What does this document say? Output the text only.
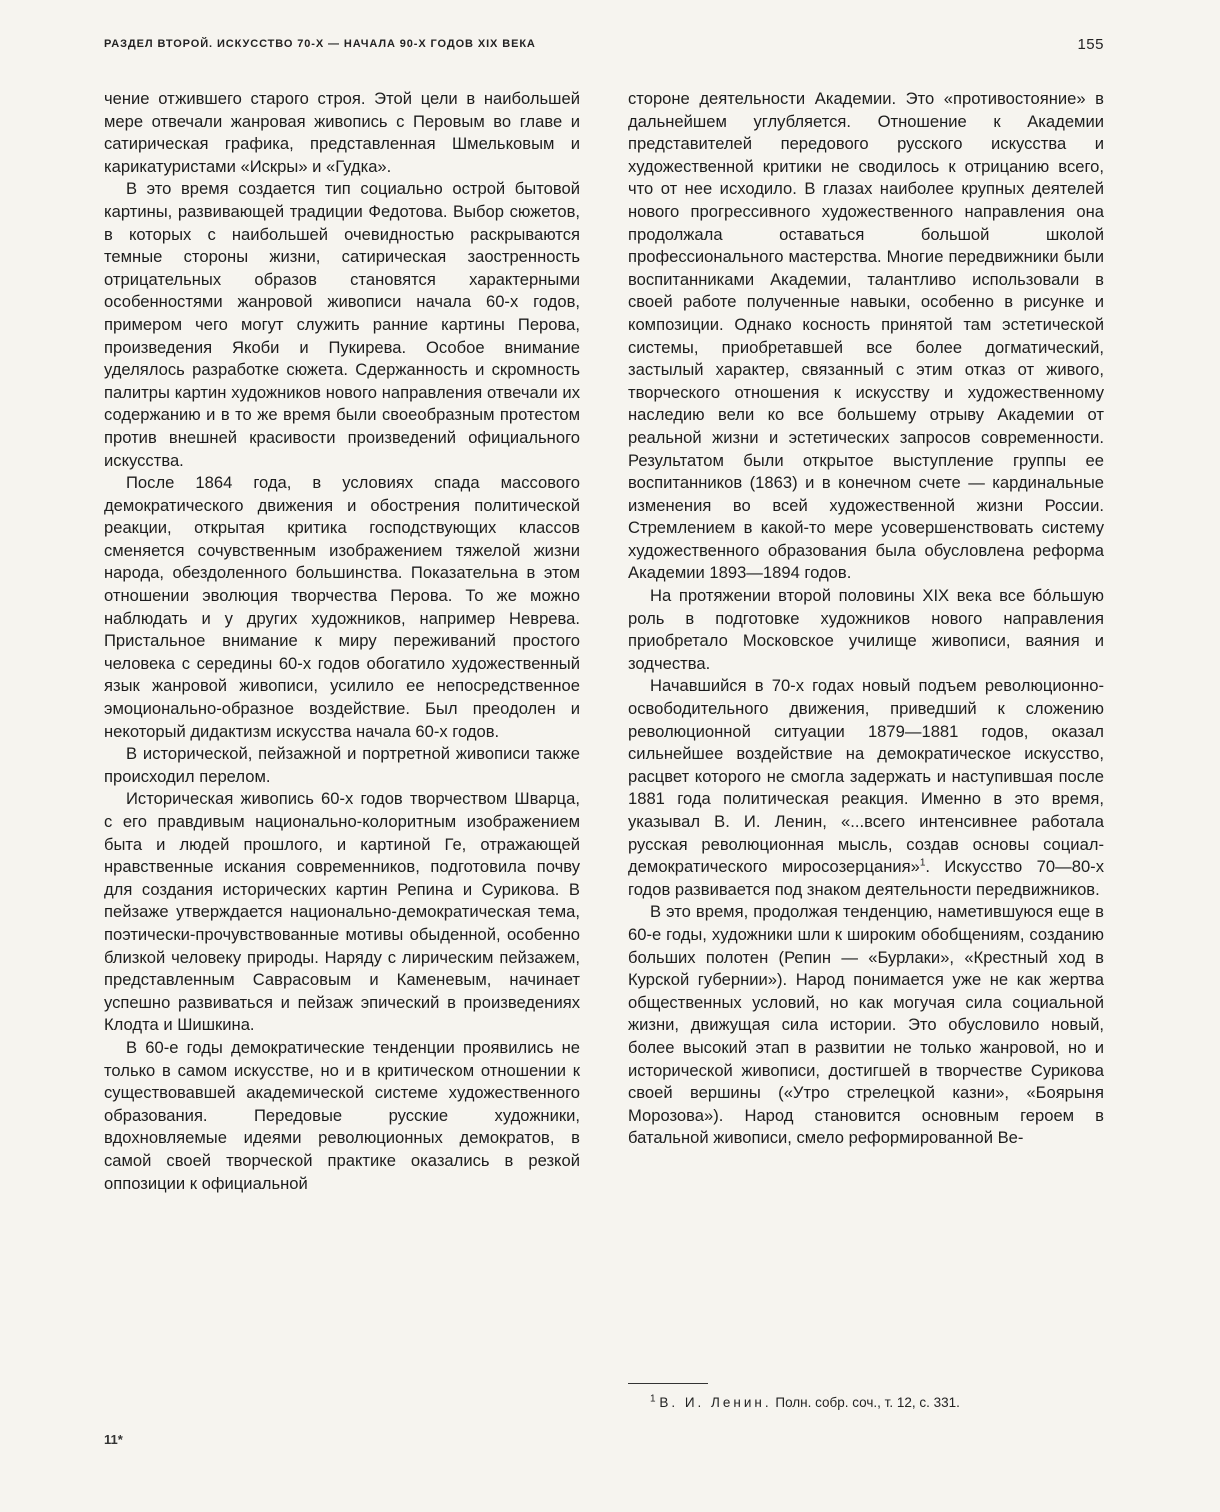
РАЗДЕЛ ВТОРОЙ. ИСКУССТВО 70-Х — НАЧАЛА 90-Х ГОДОВ XIX ВЕКА	155

чение отжившего старого строя. Этой цели в наибольшей мере отвечали жанровая живопись с Перовым во главе и сатирическая графика, представленная Шмельковым и карикатуристами «Искры» и «Гудка».

В это время создается тип социально острой бытовой картины, развивающей традиции Федотова. Выбор сюжетов, в которых с наибольшей очевидностью раскрываются темные стороны жизни, сатирическая заостренность отрицательных образов становятся характерными особенностями жанровой живописи начала 60-х годов, примером чего могут служить ранние картины Перова, произведения Якоби и Пукирева. Особое внимание уделялось разработке сюжета. Сдержанность и скромность палитры картин художников нового направления отвечали их содержанию и в то же время были своеобразным протестом против внешней красивости произведений официального искусства.

После 1864 года, в условиях спада массового демократического движения и обострения политической реакции, открытая критика господствующих классов сменяется сочувственным изображением тяжелой жизни народа, обездоленного большинства. Показательна в этом отношении эволюция творчества Перова. То же можно наблюдать и у других художников, например Неврева. Пристальное внимание к миру переживаний простого человека с середины 60-х годов обогатило художественный язык жанровой живописи, усилило ее непосредственное эмоционально-образное воздействие. Был преодолен и некоторый дидактизм искусства начала 60-х годов.

В исторической, пейзажной и портретной живописи также происходил перелом.

Историческая живопись 60-х годов творчеством Шварца, с его правдивым национально-колоритным изображением быта и людей прошлого, и картиной Ге, отражающей нравственные искания современников, подготовила почву для создания исторических картин Репина и Сурикова. В пейзаже утверждается национально-демократическая тема, поэтически-прочувствованные мотивы обыденной, особенно близкой человеку природы. Наряду с лирическим пейзажем, представленным Саврасовым и Каменевым, начинает успешно развиваться и пейзаж эпический в произведениях Клодта и Шишкина.

В 60-е годы демократические тенденции проявились не только в самом искусстве, но и в критическом отношении к существовавшей академической системе художественного образования. Передовые русские художники, вдохновляемые идеями революционных демократов, в самой своей творческой практике оказались в резкой оппозиции к официальной

стороне деятельности Академии. Это «противостояние» в дальнейшем углубляется. Отношение к Академии представителей передового русского искусства и художественной критики не сводилось к отрицанию всего, что от нее исходило. В глазах наиболее крупных деятелей нового прогрессивного художественного направления она продолжала оставаться большой школой профессионального мастерства. Многие передвижники были воспитанниками Академии, талантливо использовали в своей работе полученные навыки, особенно в рисунке и композиции. Однако косность принятой там эстетической системы, приобретавшей все более догматический, застылый характер, связанный с этим отказ от живого, творческого отношения к искусству и художественному наследию вели ко все большему отрыву Академии от реальной жизни и эстетических запросов современности. Результатом были открытое выступление группы ее воспитанников (1863) и в конечном счете — кардинальные изменения во всей художественной жизни России. Стремлением в какой-то мере усовершенствовать систему художественного образования была обусловлена реформа Академии 1893—1894 годов.

На протяжении второй половины XIX века все бóльшую роль в подготовке художников нового направления приобретало Московское училище живописи, ваяния и зодчества.

Начавшийся в 70-х годах новый подъем революционно-освободительного движения, приведший к сложению революционной ситуации 1879—1881 годов, оказал сильнейшее воздействие на демократическое искусство, расцвет которого не смогла задержать и наступившая после 1881 года политическая реакция. Именно в это время, указывал В. И. Ленин, «...всего интенсивнее работала русская революционная мысль, создав основы социал-демократического миросозерцания»$^1$. Искусство 70—80-х годов развивается под знаком деятельности передвижников.

В это время, продолжая тенденцию, наметившуюся еще в 60-е годы, художники шли к широким обобщениям, созданию больших полотен (Репин — «Бурлаки», «Крестный ход в Курской губернии»). Народ понимается уже не как жертва общественных условий, но как могучая сила социальной жизни, движущая сила истории. Это обусловило новый, более высокий этап в развитии не только жанровой, но и исторической живописи, достигшей в творчестве Сурикова своей вершины («Утро стрелецкой казни», «Боярыня Морозова»). Народ становится основным героем в батальной живописи, смело реформированной Ве-

$^1$ В. И. Ленин. Полн. собр. соч., т. 12, с. 331.
11*
